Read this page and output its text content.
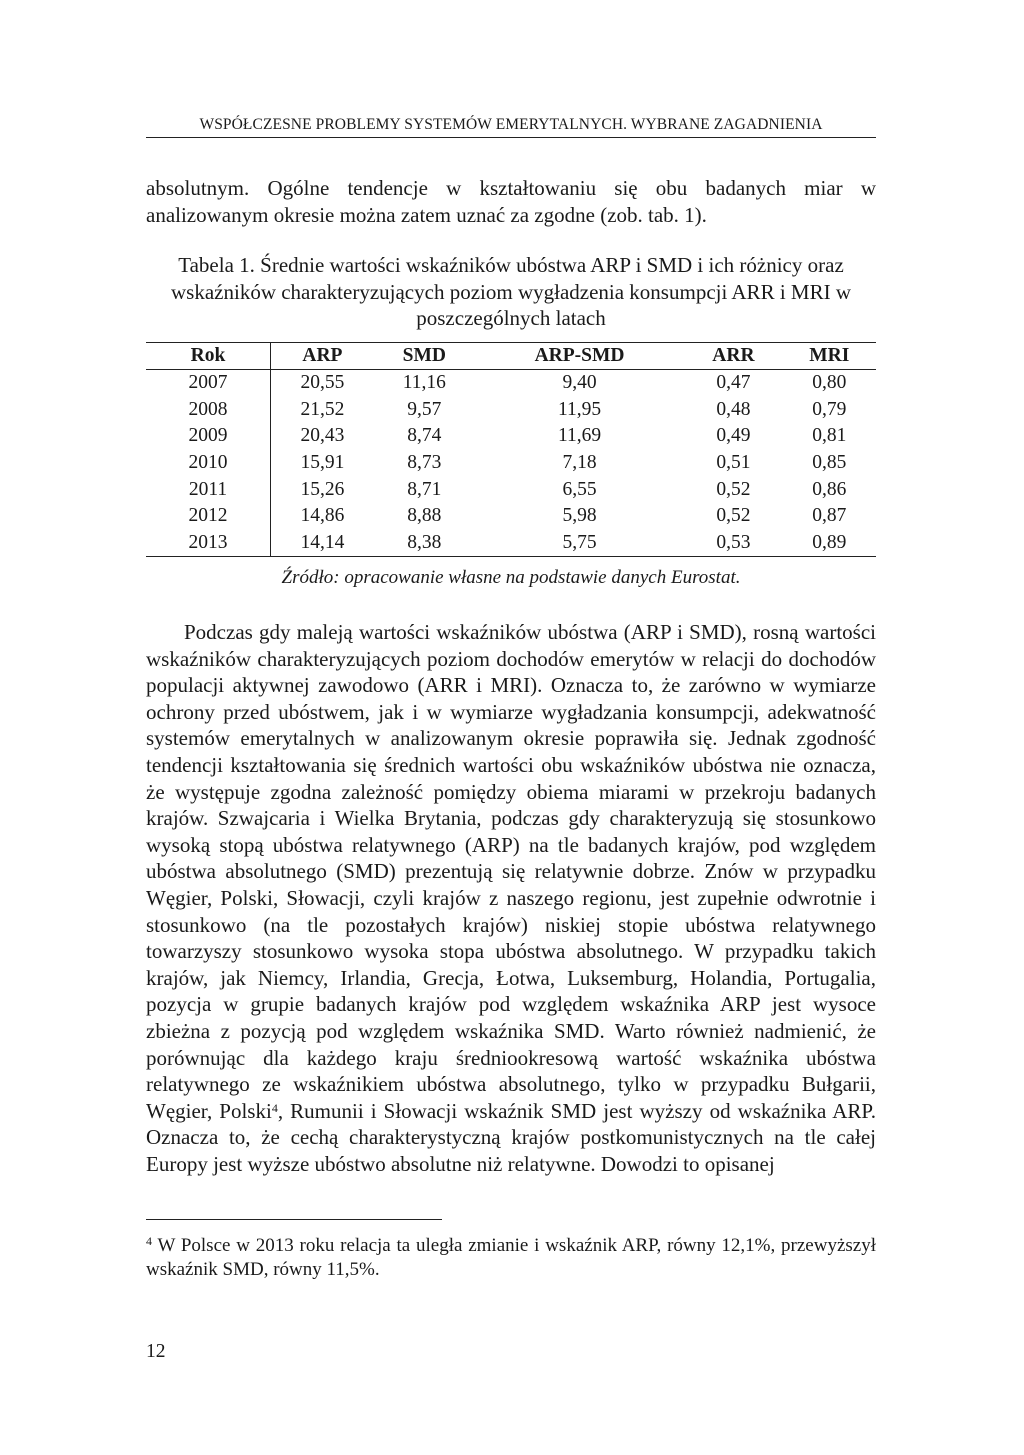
WSPÓŁCZESNE PROBLEMY SYSTEMÓW EMERYTALNYCH. WYBRANE ZAGADNIENIA

absolutnym. Ogólne tendencje w kształtowaniu się obu badanych miar w analizowanym okresie można zatem uznać za zgodne (zob. tab. 1).

Tabela 1. Średnie wartości wskaźników ubóstwa ARP i SMD i ich różnicy oraz wskaźników charakteryzujących poziom wygładzenia konsumpcji ARR i MRI w poszczególnych latach

Rok	ARP	SMD	ARP-SMD	ARR	MRI
2007	20,55	11,16	9,40	0,47	0,80
2008	21,52	9,57	11,95	0,48	0,79
2009	20,43	8,74	11,69	0,49	0,81
2010	15,91	8,73	7,18	0,51	0,85
2011	15,26	8,71	6,55	0,52	0,86
2012	14,86	8,88	5,98	0,52	0,87
2013	14,14	8,38	5,75	0,53	0,89
Źródło: opracowanie własne na podstawie danych Eurostat.

Podczas gdy maleją wartości wskaźników ubóstwa (ARP i SMD), rosną wartości wskaźników charakteryzujących poziom dochodów emerytów w relacji do dochodów populacji aktywnej zawodowo (ARR i MRI). Oznacza to, że zarówno w wymiarze ochrony przed ubóstwem, jak i w wymiarze wygładzania konsumpcji, adekwatność systemów emerytalnych w analizowanym okresie poprawiła się. Jednak zgodność tendencji kształtowania się średnich wartości obu wskaźników ubóstwa nie oznacza, że występuje zgodna zależność pomiędzy obiema miarami w przekroju badanych krajów. Szwajcaria i Wielka Brytania, podczas gdy charakteryzują się stosunkowo wysoką stopą ubóstwa relatywnego (ARP) na tle badanych krajów, pod względem ubóstwa absolutnego (SMD) prezentują się relatywnie dobrze. Znów w przypadku Węgier, Polski, Słowacji, czyli krajów z naszego regionu, jest zupełnie odwrotnie i stosunkowo (na tle pozostałych krajów) niskiej stopie ubóstwa relatywnego towarzyszy stosunkowo wysoka stopa ubóstwa absolutnego. W przypadku takich krajów, jak Niemcy, Irlandia, Grecja, Łotwa, Luksemburg, Holandia, Portugalia, pozycja w grupie badanych krajów pod względem wskaźnika ARP jest wysoce zbieżna z pozycją pod względem wskaźnika SMD. Warto również nadmienić, że porównując dla każdego kraju średniookresową wartość wskaźnika ubóstwa relatywnego ze wskaźnikiem ubóstwa absolutnego, tylko w przypadku Bułgarii, Węgier, Polski$^4$, Rumunii i Słowacji wskaźnik SMD jest wyższy od wskaźnika ARP. Oznacza to, że cechą charakterystyczną krajów postkomunistycznych na tle całej Europy jest wyższe ubóstwo absolutne niż relatywne. Dowodzi to opisanej

$^4$ W Polsce w 2013 roku relacja ta uległa zmianie i wskaźnik ARP, równy 12,1%, przewyższył wskaźnik SMD, równy 11,5%.

12
